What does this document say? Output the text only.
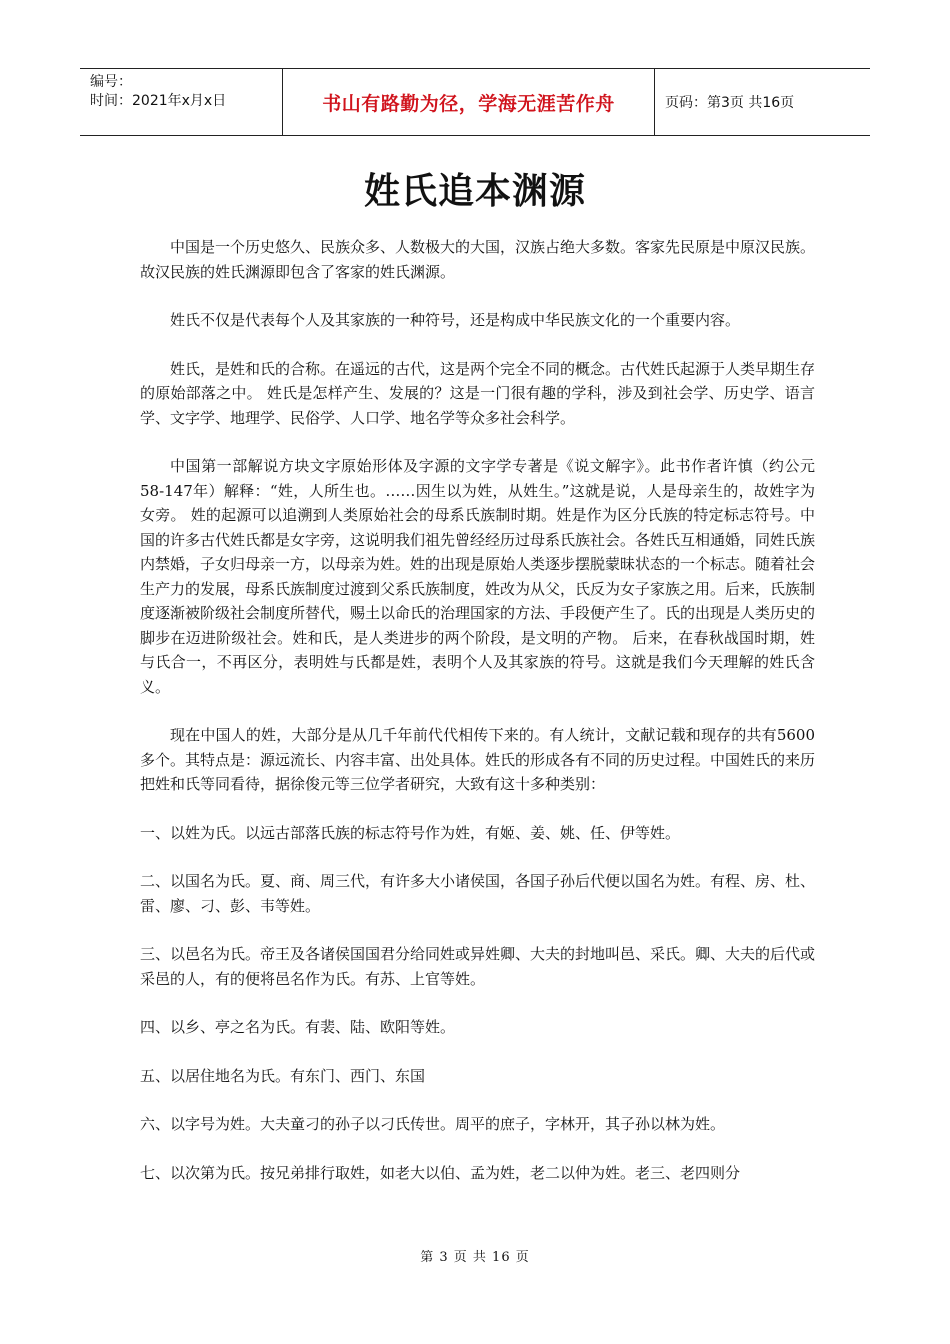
编号：
时间：2021年x月x日	书山有路勤为径，学海无涯苦作舟	页码：第3页 共16页
姓氏追本渊源

中国是一个历史悠久、民族众多、人数极大的大国，汉族占绝大多数。客家先民原是中原汉民族。故汉民族的姓氏渊源即包含了客家的姓氏渊源。

姓氏不仅是代表每个人及其家族的一种符号，还是构成中华民族文化的一个重要内容。

姓氏，是姓和氏的合称。在遥远的古代，这是两个完全不同的概念。古代姓氏起源于人类早期生存的原始部落之中。 姓氏是怎样产生、发展的？这是一门很有趣的学科，涉及到社会学、历史学、语言学、文字学、地理学、民俗学、人口学、地名学等众多社会科学。

中国第一部解说方块文字原始形体及字源的文字学专著是《说文解字》。此书作者许慎（约公元58-147年）解释：“姓，人所生也。……因生以为姓，从姓生。”这就是说，人是母亲生的，故姓字为女旁。 姓的起源可以追溯到人类原始社会的母系氏族制时期。姓是作为区分氏族的特定标志符号。中国的许多古代姓氏都是女字旁，这说明我们祖先曾经经历过母系氏族社会。各姓氏互相通婚，同姓氏族内禁婚，子女归母亲一方，以母亲为姓。姓的出现是原始人类逐步摆脱蒙昧状态的一个标志。随着社会生产力的发展，母系氏族制度过渡到父系氏族制度，姓改为从父，氏反为女子家族之用。后来，氏族制度逐渐被阶级社会制度所替代，赐土以命氏的治理国家的方法、手段便产生了。氏的出现是人类历史的脚步在迈进阶级社会。姓和氏，是人类进步的两个阶段，是文明的产物。 后来，在春秋战国时期，姓与氏合一，不再区分，表明姓与氏都是姓，表明个人及其家族的符号。这就是我们今天理解的姓氏含义。

现在中国人的姓，大部分是从几千年前代代相传下来的。有人统计，文献记载和现存的共有5600多个。其特点是：源远流长、内容丰富、出处具体。姓氏的形成各有不同的历史过程。中国姓氏的来历把姓和氏等同看待，据徐俊元等三位学者研究，大致有这十多种类别：

一、以姓为氏。以远古部落氏族的标志符号作为姓，有姬、姜、姚、任、伊等姓。

二、以国名为氏。夏、商、周三代，有许多大小诸侯国，各国子孙后代便以国名为姓。有程、房、杜、雷、廖、刁、彭、韦等姓。

三、以邑名为氏。帝王及各诸侯国国君分给同姓或异姓卿、大夫的封地叫邑、采氏。卿、大夫的后代或采邑的人，有的便将邑名作为氏。有苏、上官等姓。

四、以乡、亭之名为氏。有裴、陆、欧阳等姓。

五、以居住地名为氏。有东门、西门、东国

六、以字号为姓。大夫童刁的孙子以刁氏传世。周平的庶子，字林开，其子孙以林为姓。

七、以次第为氏。按兄弟排行取姓，如老大以伯、孟为姓，老二以仲为姓。老三、老四则分

第 3 页 共 16 页
